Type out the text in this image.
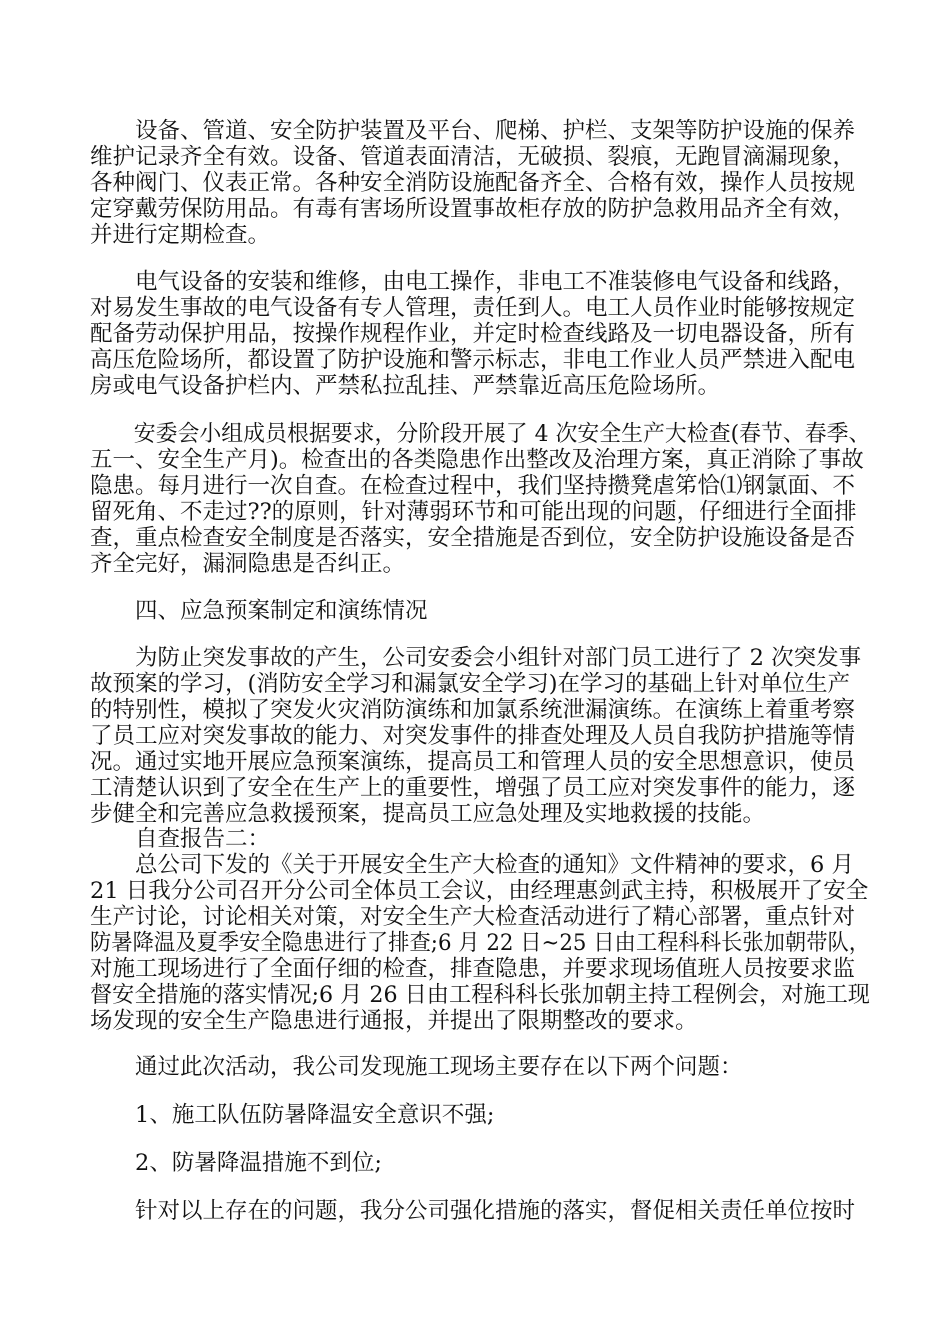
　　设备、管道、安全防护装置及平台、爬梯、护栏、支架等防护设施的保养
维护记录齐全有效。设备、管道表面清洁，无破损、裂痕，无跑冒滴漏现象，
各种阀门、仪表正常。各种安全消防设施配备齐全、合格有效，操作人员按规
定穿戴劳保防用品。有毒有害场所设置事故柜存放的防护急救用品齐全有效，
并进行定期检查。
　　电气设备的安装和维修，由电工操作，非电工不准装修电气设备和线路，
对易发生事故的电气设备有专人管理，责任到人。电工人员作业时能够按规定
配备劳动保护用品，按操作规程作业，并定时检查线路及一切电器设备，所有
高压危险场所，都设置了防护设施和警示标志，非电工作业人员严禁进入配电
房或电气设备护栏内、严禁私拉乱挂、严禁靠近高压危险场所。
　　安委会小组成员根据要求，分阶段开展了 4 次安全生产大检查(春节、春季、
五一、安全生产月)。检查出的各类隐患作出整改及治理方案，真正消除了事故
隐患。每月进行一次自查。在检查过程中，我们坚持攒凳虐笫恰⑴钢氯面、不
留死角、不走过??的原则，针对薄弱环节和可能出现的问题，仔细进行全面排
查，重点检查安全制度是否落实，安全措施是否到位，安全防护设施设备是否
齐全完好，漏洞隐患是否纠正。
　　四、应急预案制定和演练情况
　　为防止突发事故的产生，公司安委会小组针对部门员工进行了 2 次突发事
故预案的学习，(消防安全学习和漏氯安全学习)在学习的基础上针对单位生产
的特别性，模拟了突发火灾消防演练和加氯系统泄漏演练。在演练上着重考察
了员工应对突发事故的能力、对突发事件的排查处理及人员自我防护措施等情
况。通过实地开展应急预案演练，提高员工和管理人员的安全思想意识，使员
工清楚认识到了安全在生产上的重要性，增强了员工应对突发事件的能力，逐
步健全和完善应急救援预案，提高员工应急处理及实地救援的技能。
　　自查报告二：
　　总公司下发的《关于开展安全生产大检查的通知》文件精神的要求，6 月
21 日我分公司召开分公司全体员工会议，由经理惠剑武主持，积极展开了安全
生产讨论，讨论相关对策，对安全生产大检查活动进行了精心部署，重点针对
防暑降温及夏季安全隐患进行了排查;6 月 22 日~25 日由工程科科长张加朝带队，
对施工现场进行了全面仔细的检查，排查隐患，并要求现场值班人员按要求监
督安全措施的落实情况;6 月 26 日由工程科科长张加朝主持工程例会，对施工现
场发现的安全生产隐患进行通报，并提出了限期整改的要求。
　　通过此次活动，我公司发现施工现场主要存在以下两个问题：
　　1、施工队伍防暑降温安全意识不强;
　　2、防暑降温措施不到位;
　　针对以上存在的问题，我分公司强化措施的落实，督促相关责任单位按时
